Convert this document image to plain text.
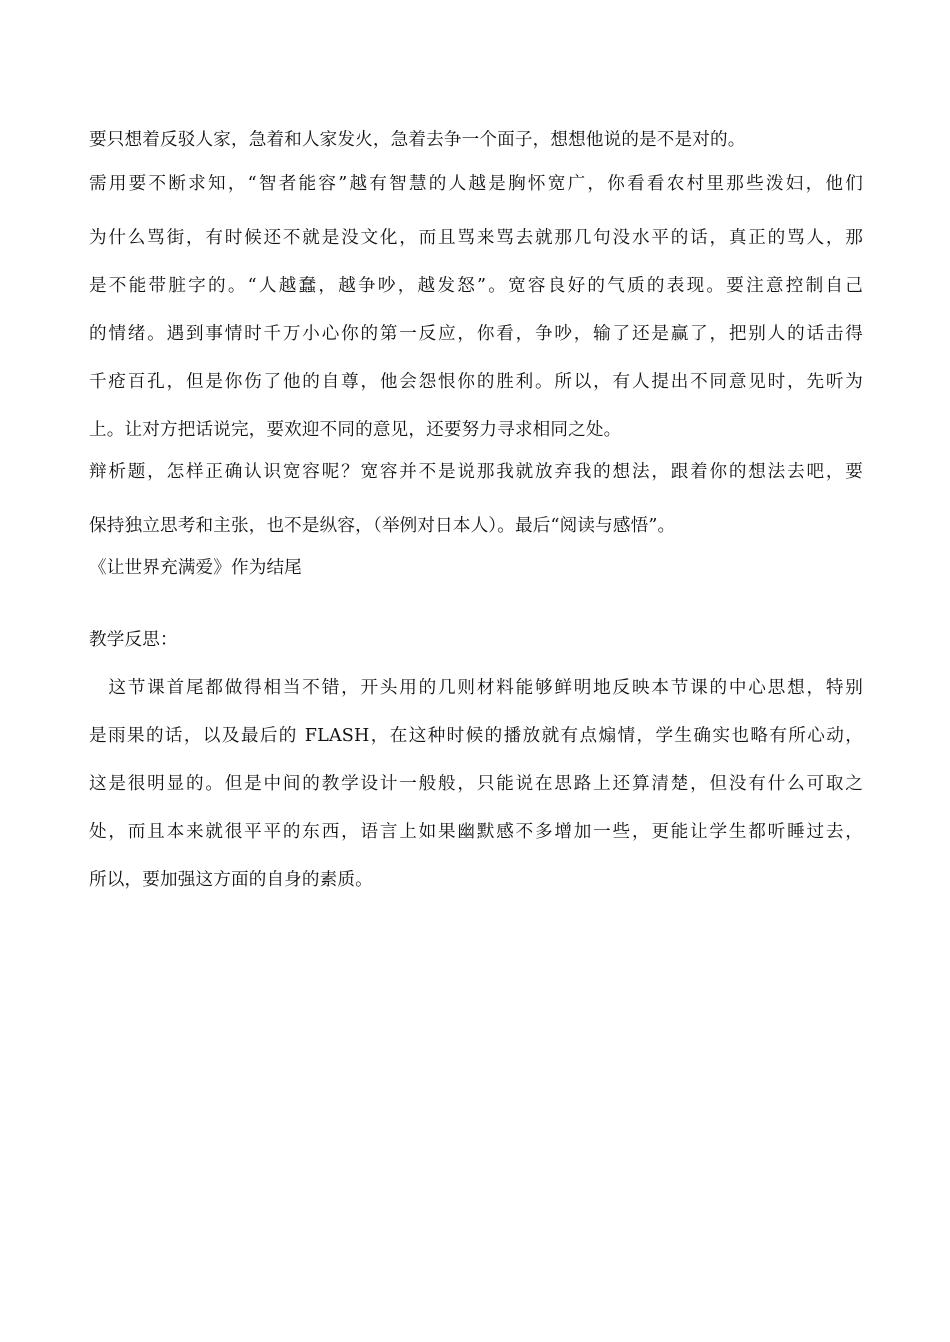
要只想着反驳人家，急着和人家发火，急着去争一个面子，想想他说的是不是对的。
需用要不断求知，“智者能容”越有智慧的人越是胸怀宽广，你看看农村里那些泼妇，他们
为什么骂街，有时候还不就是没文化，而且骂来骂去就那几句没水平的话，真正的骂人，那
是不能带脏字的。“人越蠢，越争吵，越发怒”。宽容良好的气质的表现。要注意控制自己
的情绪。遇到事情时千万小心你的第一反应，你看，争吵，输了还是赢了，把别人的话击得
千疮百孔，但是你伤了他的自尊，他会怨恨你的胜利。所以，有人提出不同意见时，先听为
上。让对方把话说完，要欢迎不同的意见，还要努力寻求相同之处。
辩析题，怎样正确认识宽容呢？宽容并不是说那我就放弃我的想法，跟着你的想法去吧，要
保持独立思考和主张，也不是纵容，（举例对日本人）。最后“阅读与感悟”。
《让世界充满爱》作为结尾
教学反思：
　这节课首尾都做得相当不错，开头用的几则材料能够鲜明地反映本节课的中心思想，特别
是雨果的话，以及最后的 FLASH，在这种时候的播放就有点煽情，学生确实也略有所心动，
这是很明显的。但是中间的教学设计一般般，只能说在思路上还算清楚，但没有什么可取之
处，而且本来就很平平的东西，语言上如果幽默感不多增加一些，更能让学生都听睡过去，
所以，要加强这方面的自身的素质。
